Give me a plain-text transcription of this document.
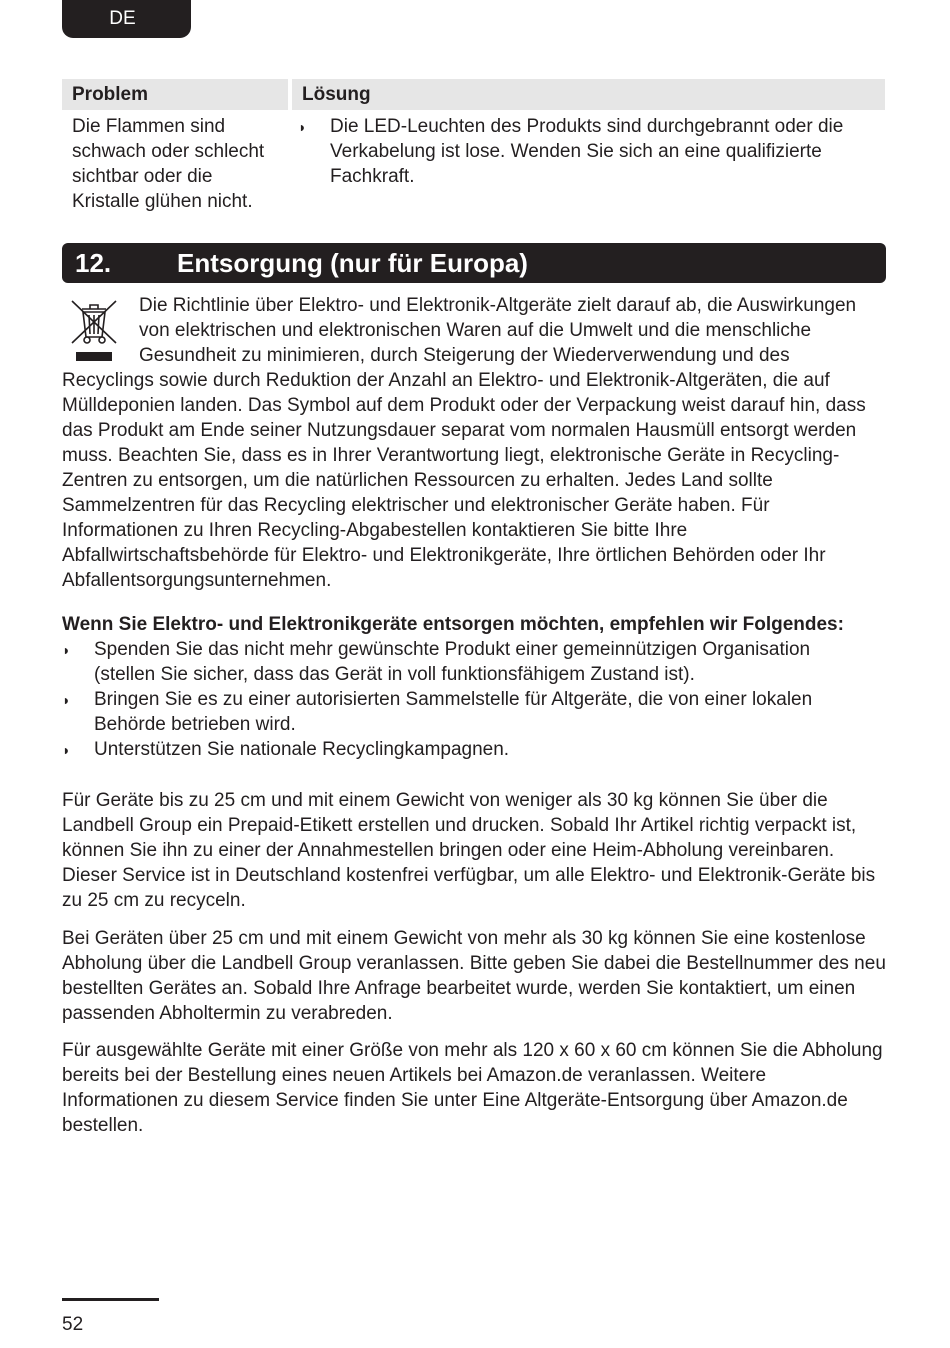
DE
Problem	Lösung
Die Flammen sind schwach oder schlecht sichtbar oder die Kristalle glühen nicht.	◗ Die LED-Leuchten des Produkts sind durchgebrannt oder die Verkabelung ist lose. Wenden Sie sich an eine qualifizierte Fachkraft.
12.	Entsorgung (nur für Europa)

Die Richtlinie über Elektro- und Elektronik-Altgeräte zielt darauf ab, die Auswirkungen von elektrischen und elektronischen Waren auf die Umwelt und die menschliche Gesundheit zu minimieren, durch Steigerung der Wiederverwendung und des Recyclings sowie durch Reduktion der Anzahl an Elektro- und Elektronik-Altgeräten, die auf Mülldeponien landen. Das Symbol auf dem Produkt oder der Verpackung weist darauf hin, dass das Produkt am Ende seiner Nutzungsdauer separat vom normalen Hausmüll entsorgt werden muss. Beachten Sie, dass es in Ihrer Verantwortung liegt, elektronische Geräte in Recycling-Zentren zu entsorgen, um die natürlichen Ressourcen zu erhalten. Jedes Land sollte Sammelzentren für das Recycling elektrischer und elektronischer Geräte haben. Für Informationen zu Ihren Recycling-Abgabestellen kontaktieren Sie bitte Ihre Abfallwirtschaftsbehörde für Elektro- und Elektronikgeräte, Ihre örtlichen Behörden oder Ihr Abfallentsorgungsunternehmen.

Wenn Sie Elektro- und Elektronikgeräte entsorgen möchten, empfehlen wir Folgendes:

◗ Spenden Sie das nicht mehr gewünschte Produkt einer gemeinnützigen Organisation (stellen Sie sicher, dass das Gerät in voll funktionsfähigem Zustand ist).
◗ Bringen Sie es zu einer autorisierten Sammelstelle für Altgeräte, die von einer lokalen Behörde betrieben wird.
◗ Unterstützen Sie nationale Recyclingkampagnen.

Für Geräte bis zu 25 cm und mit einem Gewicht von weniger als 30 kg können Sie über die Landbell Group ein Prepaid-Etikett erstellen und drucken. Sobald Ihr Artikel richtig verpackt ist, können Sie ihn zu einer der Annahmestellen bringen oder eine Heim-Abholung vereinbaren. Dieser Service ist in Deutschland kostenfrei verfügbar, um alle Elektro- und Elektronik-Geräte bis zu 25 cm zu recyceln.

Bei Geräten über 25 cm und mit einem Gewicht von mehr als 30 kg können Sie eine kostenlose Abholung über die Landbell Group veranlassen. Bitte geben Sie dabei die Bestellnummer des neu bestellten Gerätes an. Sobald Ihre Anfrage bearbeitet wurde, werden Sie kontaktiert, um einen passenden Abholtermin zu verabreden.

Für ausgewählte Geräte mit einer Größe von mehr als 120 x 60 x 60 cm können Sie die Abholung bereits bei der Bestellung eines neuen Artikels bei Amazon.de veranlassen. Weitere Informationen zu diesem Service finden Sie unter Eine Altgeräte-Entsorgung über Amazon.de bestellen.

52
